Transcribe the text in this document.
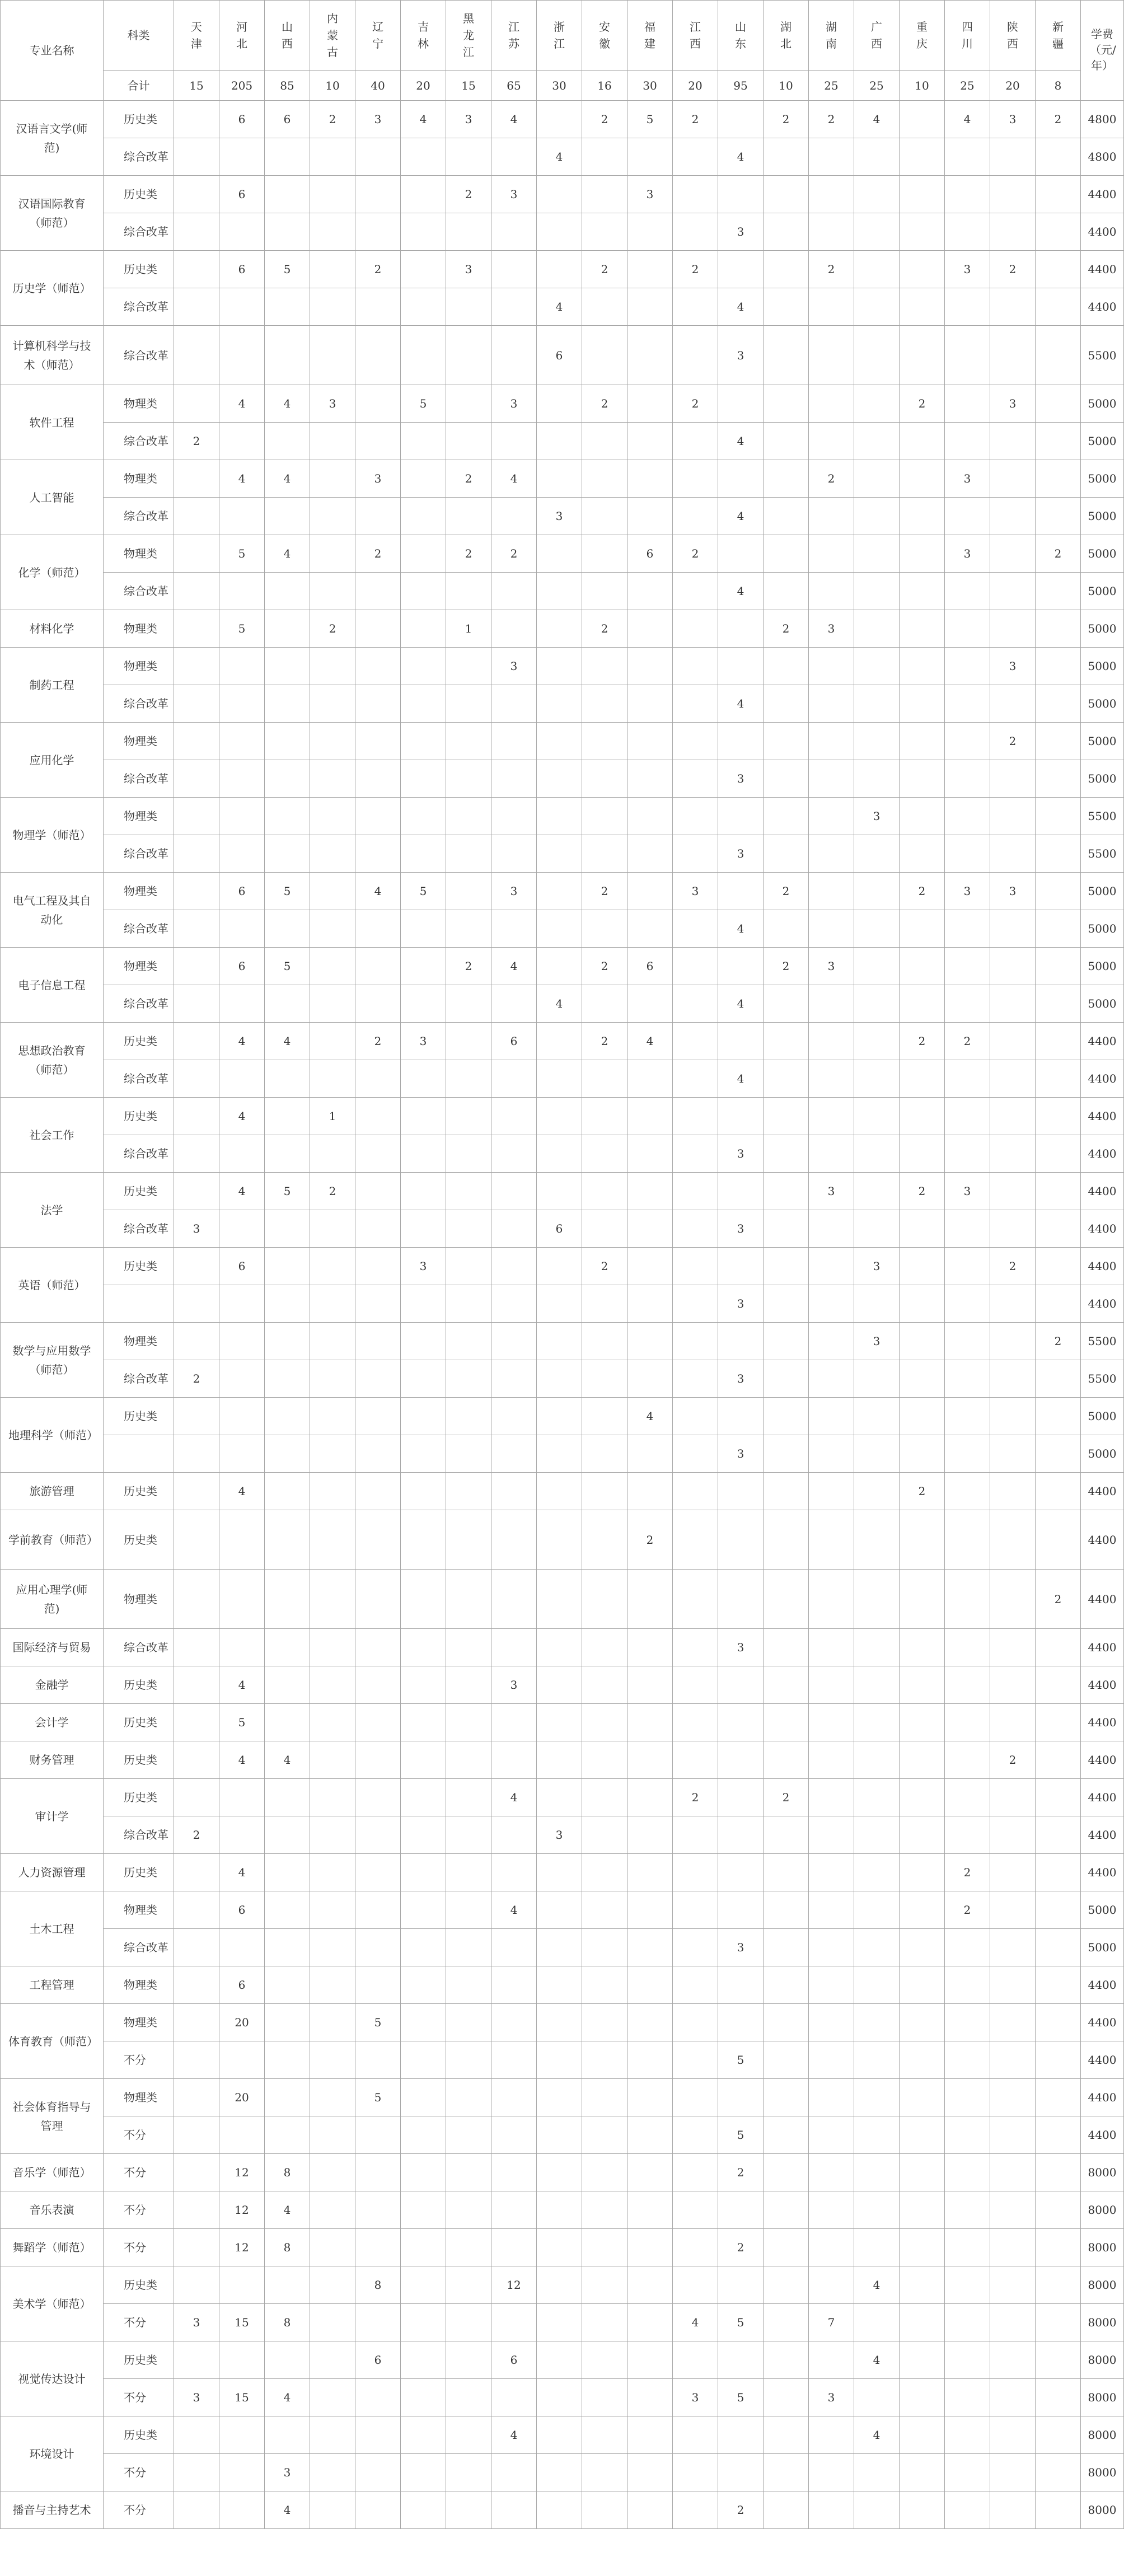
专业名称	科类	天津	河北	山西	内蒙古	辽宁	吉林	黑龙江	江苏	浙江	安徽	福建	江西	山东	湖北	湖南	广西	重庆	四川	陕西	新疆	学费（元/年）
	合计	15	205	85	10	40	20	15	65	30	16	30	20	95	10	25	25	10	25	20	8	
汉语言文学(师范)	历史类		6	6	2	3	4	3	4		2	5	2		2	2	4		4	3	2	4800
	综合改革									4				4								4800
汉语国际教育（师范）	历史类		6					2	3			3										4400
	综合改革													3								4400
历史学（师范）	历史类		6	5		2		3			2		2			2			3	2		4400
	综合改革									4				4								4400
计算机科学与技术（师范）	综合改革									6				3								5500
软件工程	物理类		4	4	3		5		3		2		2					2		3		5000
	综合改革	2												4								5000
人工智能	物理类		4	4		3		2	4							2			3			5000
	综合改革									3				4								5000
化学（师范）	物理类		5	4		2		2	2			6	2						3		2	5000
	综合改革													4								5000
材料化学	物理类		5		2			1			2				2	3						5000
制药工程	物理类								3											3		5000
	综合改革													4								5000
应用化学	物理类																			2		5000
	综合改革													3								5000
物理学（师范）	物理类																3					5500
	综合改革													3								5500
电气工程及其自动化	物理类		6	5		4	5		3		2		3		2			2	3	3		5000
	综合改革													4								5000
电子信息工程	物理类		6	5				2	4		2	6			2	3						5000
	综合改革									4				4								5000
思想政治教育（师范）	历史类		4	4		2	3		6		2	4						2	2			4400
	综合改革													4								4400
社会工作	历史类		4		1																	4400
	综合改革													3								4400
法学	历史类		4	5	2											3		2	3			4400
	综合改革	3								6				3								4400
英语（师范）	历史类		6				3				2						3			2		4400
														3								4400
数学与应用数学（师范）	物理类																3				2	5500
	综合改革	2												3								5500
地理科学（师范）	历史类											4										5000
														3								5000
旅游管理	历史类		4															2				4400
学前教育（师范）	历史类											2										4400
应用心理学(师范)	物理类																				2	4400
国际经济与贸易	综合改革													3								4400
金融学	历史类		4						3													4400
会计学	历史类		5																			4400
财务管理	历史类		4	4																2		4400
审计学	历史类								4				2		2							4400
	综合改革	2								3												4400
人力资源管理	历史类		4																2			4400
土木工程	物理类		6						4										2			5000
	综合改革													3								5000
工程管理	物理类		6																			4400
体育教育（师范）	物理类		20			5																4400
	不分													5								4400
社会体育指导与管理	物理类		20			5																4400
	不分													5								4400
音乐学（师范）	不分		12	8										2								8000
音乐表演	不分		12	4																		8000
舞蹈学（师范）	不分		12	8										2								8000
美术学（师范）	历史类					8			12								4					8000
	不分	3	15	8									4	5		7						8000
视觉传达设计	历史类					6			6								4					8000
	不分	3	15	4									3	5		3						8000
环境设计	历史类								4								4					8000
	不分			3																		8000
播音与主持艺术	不分			4										2								8000
